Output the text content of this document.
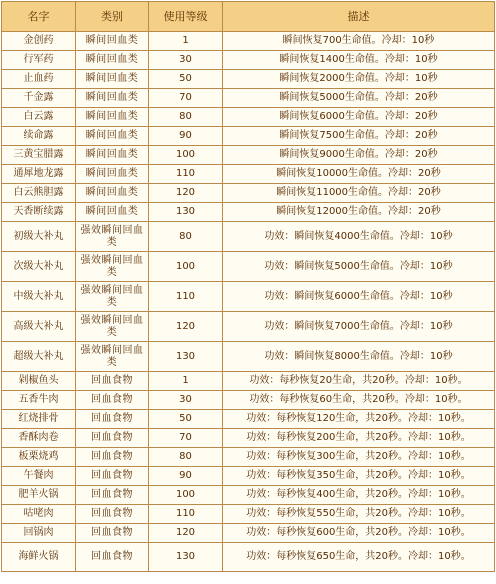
名字	类别	使用等级	描述
金创药	瞬间回血类	1	瞬间恢复700生命值。冷却：10秒
行军药	瞬间回血类	30	瞬间恢复1400生命值。冷却：10秒
止血药	瞬间回血类	50	瞬间恢复2000生命值。冷却：10秒
千金露	瞬间回血类	70	瞬间恢复5000生命值。冷却：20秒
白云露	瞬间回血类	80	瞬间恢复6000生命值。冷却：20秒
续命露	瞬间回血类	90	瞬间恢复7500生命值。冷却：20秒
三黄宝腊露	瞬间回血类	100	瞬间恢复9000生命值。冷却：20秒
通犀地龙露	瞬间回血类	110	瞬间恢复10000生命值。冷却：20秒
白云熊胆露	瞬间回血类	120	瞬间恢复11000生命值。冷却：20秒
天香断续露	瞬间回血类	130	瞬间恢复12000生命值。冷却：20秒
初级大补丸	强效瞬间回血类	80	功效：瞬间恢复4000生命值。冷却：10秒
次级大补丸	强效瞬间回血类	100	功效：瞬间恢复5000生命值。冷却：10秒
中级大补丸	强效瞬间回血类	110	功效：瞬间恢复6000生命值。冷却：10秒
高级大补丸	强效瞬间回血类	120	功效：瞬间恢复7000生命值。冷却：10秒
超级大补丸	强效瞬间回血类	130	功效：瞬间恢复8000生命值。冷却：10秒
剁椒鱼头	回血食物	1	功效：每秒恢复20生命，共20秒。冷却：10秒。
五香牛肉	回血食物	30	功效：每秒恢复60生命，共20秒。冷却：10秒。
红烧排骨	回血食物	50	功效：每秒恢复120生命，共20秒。冷却：10秒。
香酥肉卷	回血食物	70	功效：每秒恢复200生命，共20秒。冷却：10秒。
板栗烧鸡	回血食物	80	功效：每秒恢复300生命，共20秒。冷却：10秒。
午餐肉	回血食物	90	功效：每秒恢复350生命，共20秒。冷却：10秒。
肥羊火锅	回血食物	100	功效：每秒恢复400生命，共20秒。冷却：10秒。
咕咾肉	回血食物	110	功效：每秒恢复550生命，共20秒。冷却：10秒。
回锅肉	回血食物	120	功效：每秒恢复600生命，共20秒。冷却：10秒。
海鲜火锅	回血食物	130	功效：每秒恢复650生命，共20秒。冷却：10秒。
